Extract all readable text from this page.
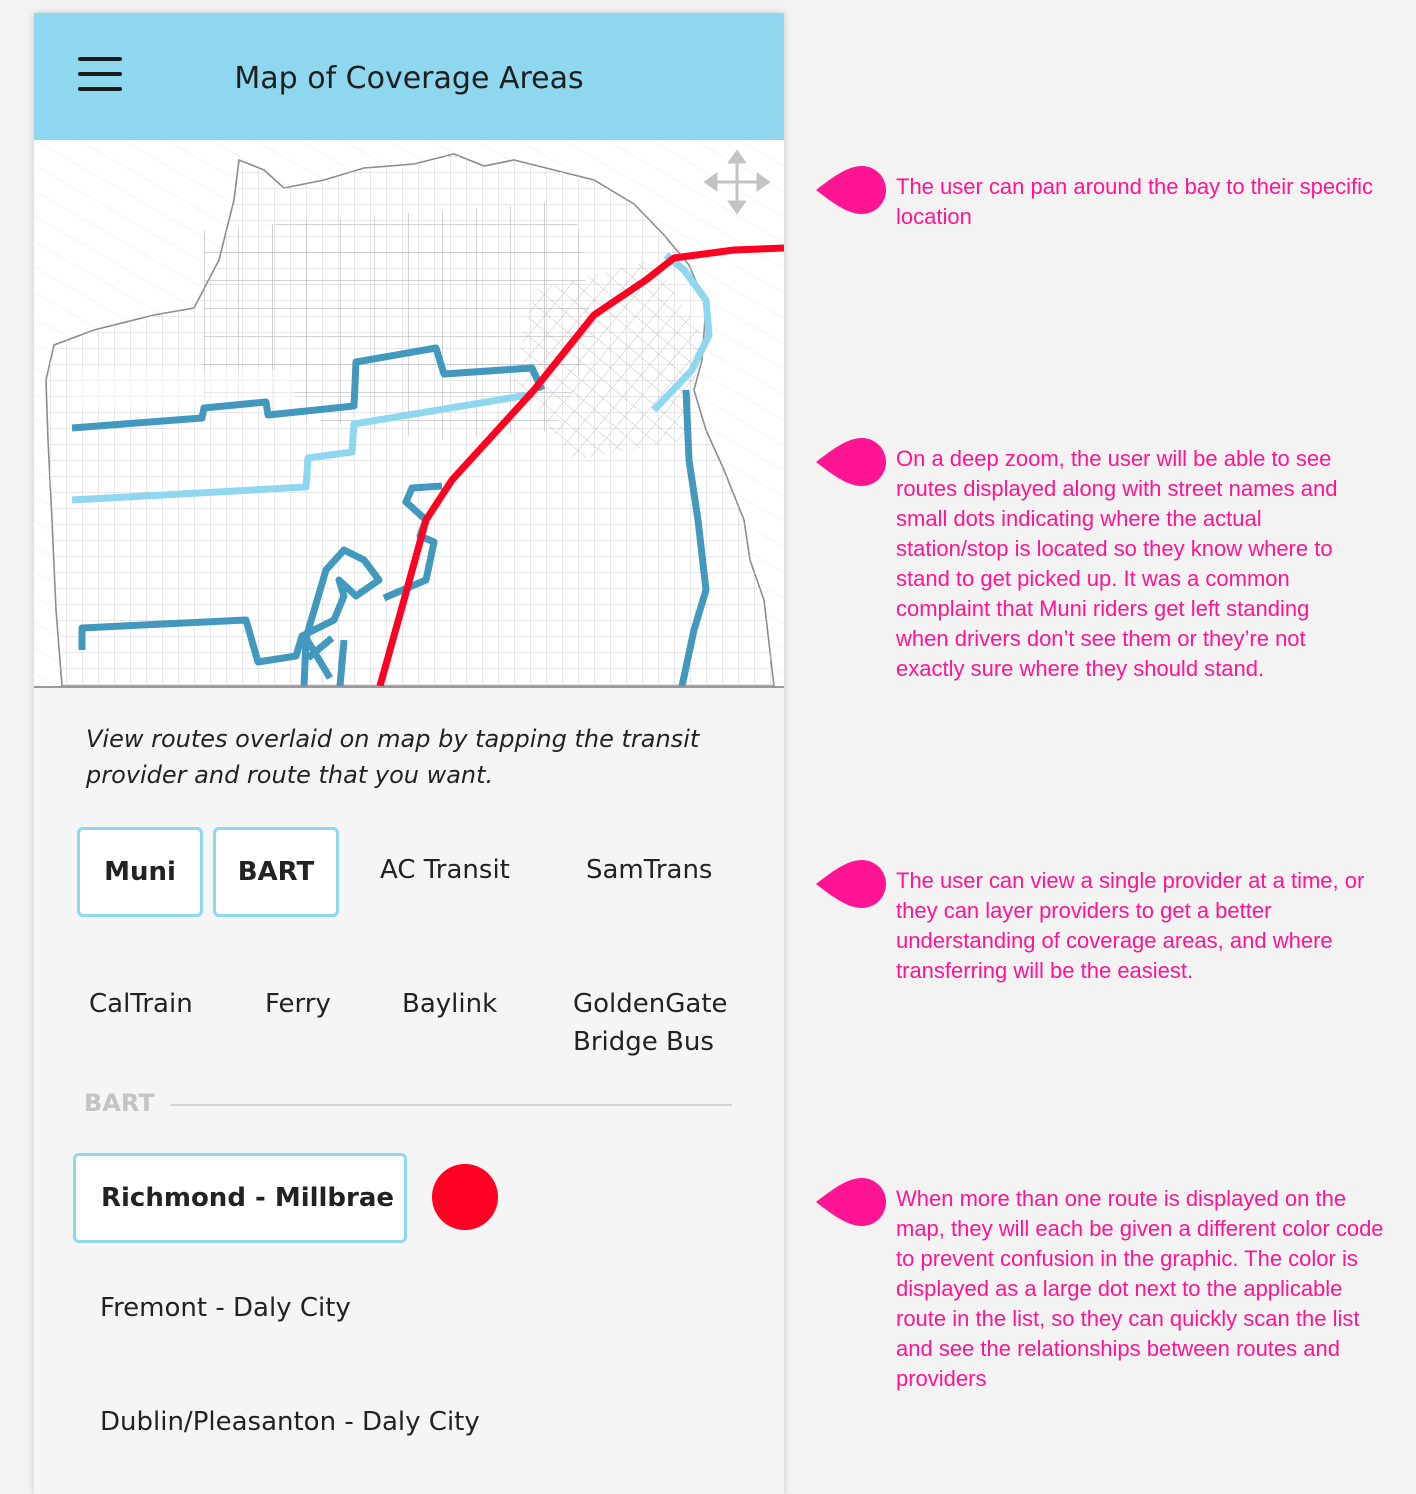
Map of Coverage Areas
View routes overlaid on map by tapping the transit provider and route that you want.
Muni	BART	AC Transit	SamTrans
CalTrain	Ferry	Baylink	GoldenGate Bridge Bus
BART
Richmond - Millbrae
Fremont - Daly City
Dublin/Pleasanton - Daly City
The user can pan around the bay to their specific location
On a deep zoom, the user will be able to see routes displayed along with street names and small dots indicating where the actual station/stop is located so they know where to stand to get picked up. It was a common complaint that Muni riders get left standing when drivers don’t see them or they’re not exactly sure where they should stand.
The user can view a single provider at a time, or they can layer providers to get a better understanding of coverage areas, and where transferring will be the easiest.
When more than one route is displayed on the map, they will each be given a different color code to prevent confusion in the graphic. The color is displayed as a large dot next to the applicable route in the list, so they can quickly scan the list and see the relationships between routes and providers
